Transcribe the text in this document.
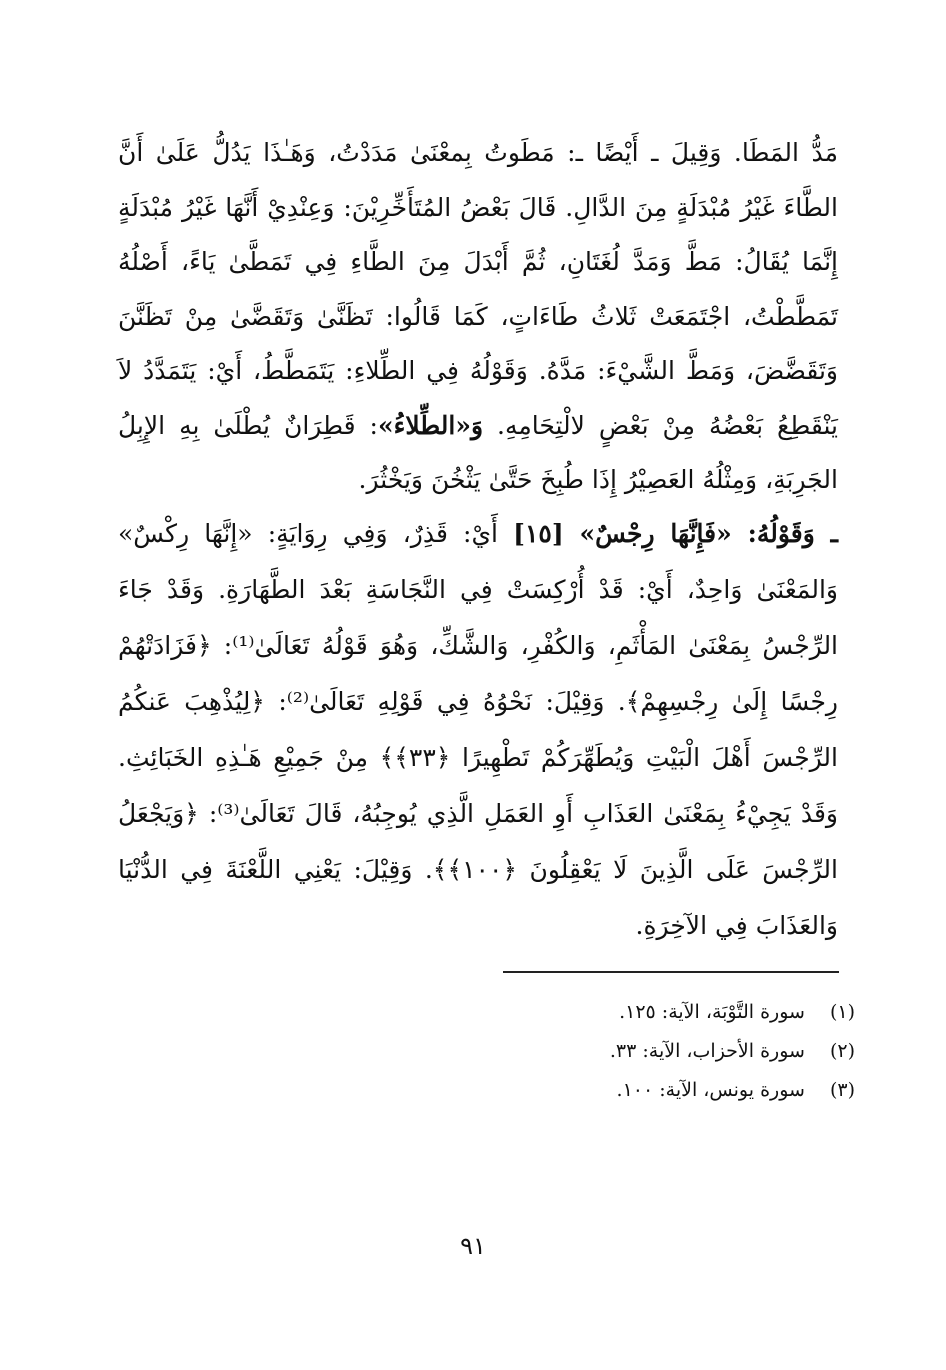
مَدُّ المَطَا. وَقِيلَ ـ أَيْضًا ـ: مَطَوتُ بِمعْنَىٰ مَدَدْتُ، وَهَـٰذَا يَدُلُّ عَلَىٰ أَنَّ الطَّاءَ غَيْرُ مُبْدَلَةٍ مِنَ الدَّالِ. قَالَ بَعْضُ المُتَأَخِّرِيْنَ: وَعِنْدِيْ أَنَّهَا غَيْرُ مُبْدَلَةٍ إِنَّمَا يُقَالُ: مَطَّ وَمَدَّ لُغَتَانِ، ثُمَّ أَبْدَلَ مِنَ الطَّاءِ فِي تَمَطَّىٰ يَاءً، أَصْلُهُ تَمَطَّطْتُ، اجْتَمَعَتْ ثَلاثُ طَاءَاتٍ، كَمَا قَالُوا: تَظَنَّىٰ وَتَقَضَّىٰ مِنْ تَظَنَّنَ وَتَقَضَّضَ، وَمَطَّ الشَّيْءَ: مَدَّهُ. وَقَوْلُهُ فِي الطِّلاءِ: يَتَمَطَّطُ، أَيْ: يَتَمَدَّدُ لاَ يَنْقَطِعُ بَعْضُهُ مِنْ بَعْضٍ لالْتِحَامِهِ. وَ«الطِّلاءُ»: قَطِرَانٌ يُطْلَىٰ بِهِ الإِبِلُ الجَرِبَةِ، وَمِثْلُهُ العَصِيْرُ إِذَا طُبِخَ حَتَّىٰ يَثْخُنَ وَيَخْثُرَ.
ـ وَقَوْلُهُ: «فَإِنَّهَا رِجْسٌ» [١٥] أَيْ: قَذِرٌ، وَفِي رِوَايَةٍ: «إِنَّهَا رِكْسٌ» وَالمَعْنَىٰ وَاحِدٌ، أَيْ: قَدْ أُرْكِسَتْ فِي النَّجَاسَةِ بَعْدَ الطَّهَارَةِ. وَقَدْ جَاءَ الرِّجْسُ بِمَعْنَىٰ المَأْثَمِ، وَالكُفْرِ، وَالشَّكِّ، وَهُوَ قَوْلُهُ تَعَالَىٰ⁽¹⁾: ﴿فَزَادَتْهُمْ رِجْسًا إِلَىٰ رِجْسِهِمْ﴾. وَقِيْلَ: نَحْوُهُ فِي قَوْلِهِ تَعَالَىٰ⁽²⁾: ﴿لِيُذْهِبَ عَنكُمُ الرِّجْسَ أَهْلَ الْبَيْتِ وَيُطَهِّرَكُمْ تَطْهِيرًا ﴿٣٣﴾﴾ مِنْ جَمِيْعِ هَـٰذِهِ الخَبَائِثِ. وَقَدْ يَجِيْءُ بِمَعْنَىٰ العَذَابِ أَوِ العَمَلِ الَّذِي يُوجِبُهُ، قَالَ تَعَالَىٰ⁽³⁾: ﴿وَيَجْعَلُ الرِّجْسَ عَلَى الَّذِينَ لَا يَعْقِلُونَ ﴿١٠٠﴾﴾. وَقِيْلَ: يَعْنِي اللَّعْنَةَ فِي الدُّنْيَا وَالعَذَابَ فِي الآخِرَةِ.
(١) سورة التَّوْبَة، الآية: ١٢٥.
(٢) سورة الأحزاب، الآية: ٣٣.
(٣) سورة يونس، الآية: ١٠٠.
٩١
